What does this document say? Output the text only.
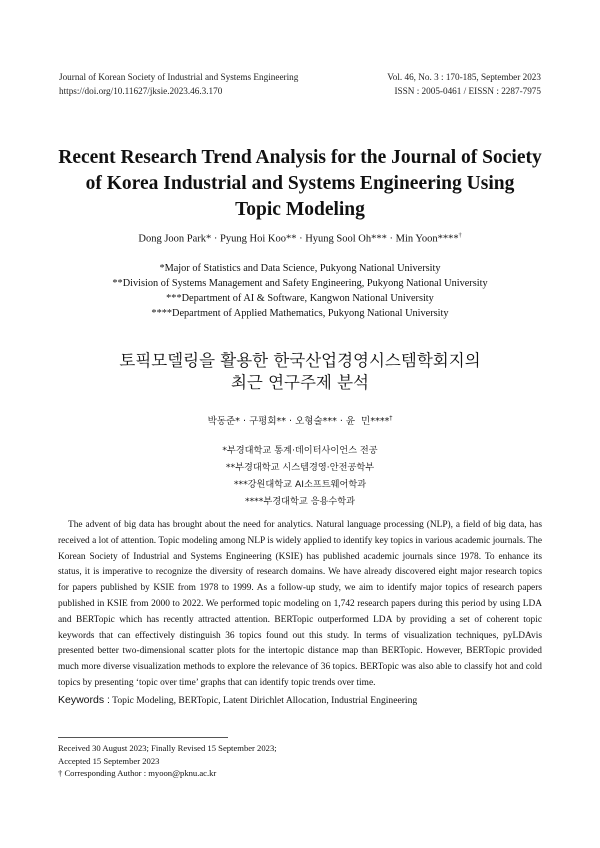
Journal of Korean Society of Industrial and Systems Engineering
https://doi.org/10.11627/jksie.2023.46.3.170
Vol. 46, No. 3 : 170-185, September 2023
ISSN : 2005-0461 / EISSN : 2287-7975
Recent Research Trend Analysis for the Journal of Society
of Korea Industrial and Systems Engineering Using
Topic Modeling
Dong Joon Park* · Pyung Hoi Koo** · Hyung Sool Oh*** · Min Yoon****†
*Major of Statistics and Data Science, Pukyong National University
**Division of Systems Management and Safety Engineering, Pukyong National University
***Department of AI & Software, Kangwon National University
****Department of Applied Mathematics, Pukyong National University
토픽모델링을 활용한 한국산업경영시스템학회지의
최근 연구주제 분석
박동준* · 구평회** · 오형술*** · 윤  민****†
*부경대학교 통계·데이터사이언스 전공
**부경대학교 시스템경영·안전공학부
***강원대학교 AI소프트웨어학과
****부경대학교 응용수학과

The advent of big data has brought about the need for analytics. Natural language processing (NLP), a field of big data, has received a lot of attention. Topic modeling among NLP is widely applied to identify key topics in various academic journals. The Korean Society of Industrial and Systems Engineering (KSIE) has published academic journals since 1978. To enhance its status, it is imperative to recognize the diversity of research domains. We have already discovered eight major research topics for papers published by KSIE from 1978 to 1999. As a follow-up study, we aim to identify major topics of research papers published in KSIE from 2000 to 2022. We performed topic modeling on 1,742 research papers during this period by using LDA and BERTopic which has recently attracted attention. BERTopic outperformed LDA by providing a set of coherent topic keywords that can effectively distinguish 36 topics found out this study. In terms of visualization techniques, pyLDAvis presented better two-dimensional scatter plots for the intertopic distance map than BERTopic. However, BERTopic provided much more diverse visualization methods to explore the relevance of 36 topics. BERTopic was also able to classify hot and cold topics by presenting ‘topic over time’ graphs that can identify topic trends over time.

Keywords : Topic Modeling, BERTopic, Latent Dirichlet Allocation, Industrial Engineering
Received 30 August 2023; Finally Revised 15 September 2023;
Accepted 15 September 2023
† Corresponding Author : myoon@pknu.ac.kr
